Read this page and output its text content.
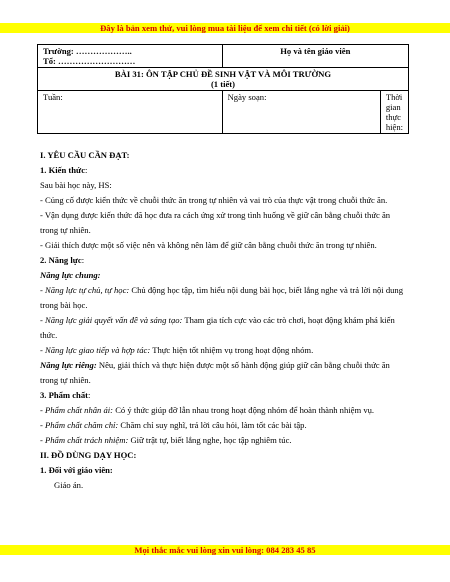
Đây là bản xem thử, vui lòng mua tài liệu để xem chi tiết (có lời giải)
Trường: ………………..
Tổ: ………………………	Họ và tên giáo viên	

BÀI 31: ÔN TẬP CHỦ ĐỀ SINH VẬT VÀ MÔI TRƯỜNG
(1 tiết)		

Tuần:	Ngày soạn:	Thời gian thực hiện:

I. YÊU CẦU CẦN ĐẠT:

1. Kiến thức:

Sau bài học này, HS:

- Củng cố được kiến thức về chuỗi thức ăn trong tự nhiên và vai trò của thực vật trong chuỗi thức ăn.

- Vận dụng được kiến thức đã học đưa ra cách ứng xử trong tình huống về giữ cân bằng chuỗi thức ăn trong tự nhiên.

- Giải thích được một số việc nên và không nên làm để giữ cân bằng chuỗi thức ăn trong tự nhiên.

2. Năng lực:

Năng lực chung:

- Năng lực tự chủ, tự học: Chủ động học tập, tìm hiểu nội dung bài học, biết lắng nghe và trả lời nội dung trong bài học.

- Năng lực giải quyết vấn đề và sáng tạo: Tham gia tích cực vào các trò chơi, hoạt động khám phá kiến thức.

- Năng lực giao tiếp và hợp tác: Thực hiện tốt nhiệm vụ trong hoạt động nhóm.

Năng lực riêng: Nêu, giải thích và thực hiện được một số hành động giúp giữ cân bằng chuỗi thức ăn trong tự nhiên.

3. Phẩm chất:

- Phẩm chất nhân ái: Có ý thức giúp đỡ lẫn nhau trong hoạt động nhóm để hoàn thành nhiệm vụ.

- Phẩm chất chăm chỉ: Chăm chỉ suy nghĩ, trả lời câu hỏi, làm tốt các bài tập.

- Phẩm chất trách nhiệm: Giữ trật tự, biết lắng nghe, học tập nghiêm túc.

II. ĐỒ DÙNG DẠY HỌC:

1. Đối với giáo viên:

Giáo án.

Mọi thắc mắc vui lòng xin vui lòng: 084 283 45 85
